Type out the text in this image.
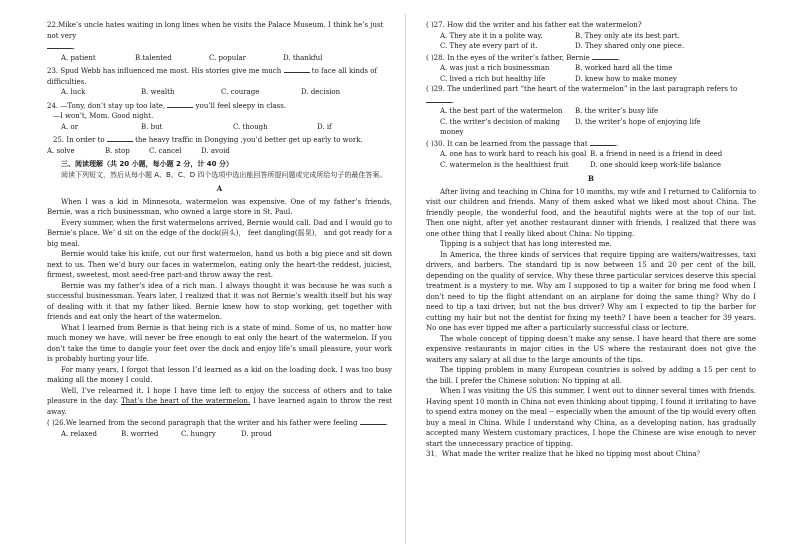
22.Mike’s uncle hates waiting in long lines when he visits the Palace Museum. I think he’s just not very

.

A. patient	B.talented	C. popular	D. thankful

23. Spud Webb has influenced me most. His stories give me much	to face all kinds of difficulties.

A. luck	B. wealth	C. courage	D. decision

24. —Tony, don’t stay up too late,	you’ll feel sleepy in class.

—I won’t, Mom. Good night.

A. or	B. but	C. though	D. if

25. In order to	the heavy traffic in Dongying ,you’d better get up early to work.

A. solve	B. stop	C. cancel	D. avoid

三、阅读理解（共 20 小题，每小题 2 分，计 40 分）

阅读下列短文，然后从每小题 A、B、C、D 四个选项中选出能回答所提问题或完成所给句子的最佳答案。

A

When I was a kid in Minnesota, watermelon was expensive. One of my father’s friends, Bernie, was a rich businessman, who owned a large store in St. Paul.

Every summer, when the first watermelons arrived, Bernie would call. Dad and I would go to Bernie’s place. We’ d sit on the edge of the dock(码头)， feet dangling(摇晃)， and got ready for a big meal.

Bernie would take his knife, cut our first watermelon, hand us both a big piece and sit down next to us. Then we’d bury our faces in watermelon, eating only the heart-the reddest, juiciest, firmest, sweetest, most seed-free part-and throw away the rest.

Bernie was my father’s idea of a rich man. I always thought it was because he was such a successful businessman. Years later, I realized that it was not Bernie’s wealth itself but his way of dealing with it that my father liked. Bernie knew how to stop working, get together with friends and eat only the heart of the watermelon.

What I learned from Bernie is that being rich is a state of mind. Some of us, no matter how much money we have, will never be free enough to eat only the heart of the watermelon. If you don’t take the time to dangle your feet over the dock and enjoy life’s small pleasure, your work is probably hurting your life.

For many years, I forgot that lesson I’d learned as a kid on the loading dock. I was too busy making all the money I could.

Well, I’ve relearned it. I hope I have time left to enjoy the success of others and to take pleasure in the day. That’s the heart of the watermelon. I have learned again to throw the rest away.

( )26.We learned from the second paragraph that the writer and his father were feeling	.

A. relaxed	B. worried	C. hungry	D. proud

( )27. How did the writer and his father eat the watermelon?

A. They ate it in a polite way.	B. They only ate its best part.
C. They ate every part of it.	D. They shared only one piece.

( )28. In the eyes of the writer’s father, Bernie	.

A. was just a rich businessman	B. worked hard all the time
C. lived a rich but healthy life	D. knew how to make money

( )29. The underlined part “the heart of the watermelon” in the last paragraph refers to .

A. the best part of the watermelon	B. the writer’s busy life
C. the writer’s decision of making money
D. the writer’s hope of enjoying life

( )30. It can be learned from the passage that	.

A. one has to work hard to reach his goal B. a friend in need is a friend in deed
C. watermelon is the healthiest fruit	D. one should keep work-life balance

B

After living and teaching in China for 10 months, my wife and I returned to California to visit our children and friends. Many of them asked what we liked most about China. The friendly people, the wonderful food, and the beautiful nights were at the top of our list. Then one night, after yet another restaurant dinner with friends, I realized that there was one other thing that I really liked about China: No tipping.

Tipping is a subject that has long interested me.

In America, the three kinds of services that require tipping are waiters/waitresses, taxi drivers, and barbers. The standard tip is now between 15 and 20 per cent of the bill, depending on the quality of service. Why these three particular services deserve this special treatment is a mystery to me. Why am I supposed to tip a waiter for bring me food when I don’t need to tip the flight attendant on an airplane for doing the same thing? Why do I need to tip a taxi driver, but not the bus driver? Why am I expected to tip the barber for cutting my hair but not the dentist for fixing my teeth? I have been a teacher for 39 years. No one has ever tipped me after a particularly successful class or lecture.

The whole concept of tipping doesn’t make any sense. I have heard that there are some expensive restaurants in major cities in the US where the restaurant does not give the waiters any salary at all due to the large amounts of the tips.

The tipping problem in many European countries is solved by adding a 15 per cent to the bill. I prefer the Chinese solution: No tipping at all.

When I was visiting the US this summer, I went out to dinner several times with friends. Having spent 10 month in China not even thinking about tipping, I found it irritating to have to spend extra money on the meal -- especially when the amount of the tip would every often buy a meal in China. While I understand why China, as a developing nation, has gradually accepted many Western customary practices, I hope the Chinese are wise enough to never start the unnecessary practice of tipping.

31．What made the writer realize that he liked no tipping most about China？
